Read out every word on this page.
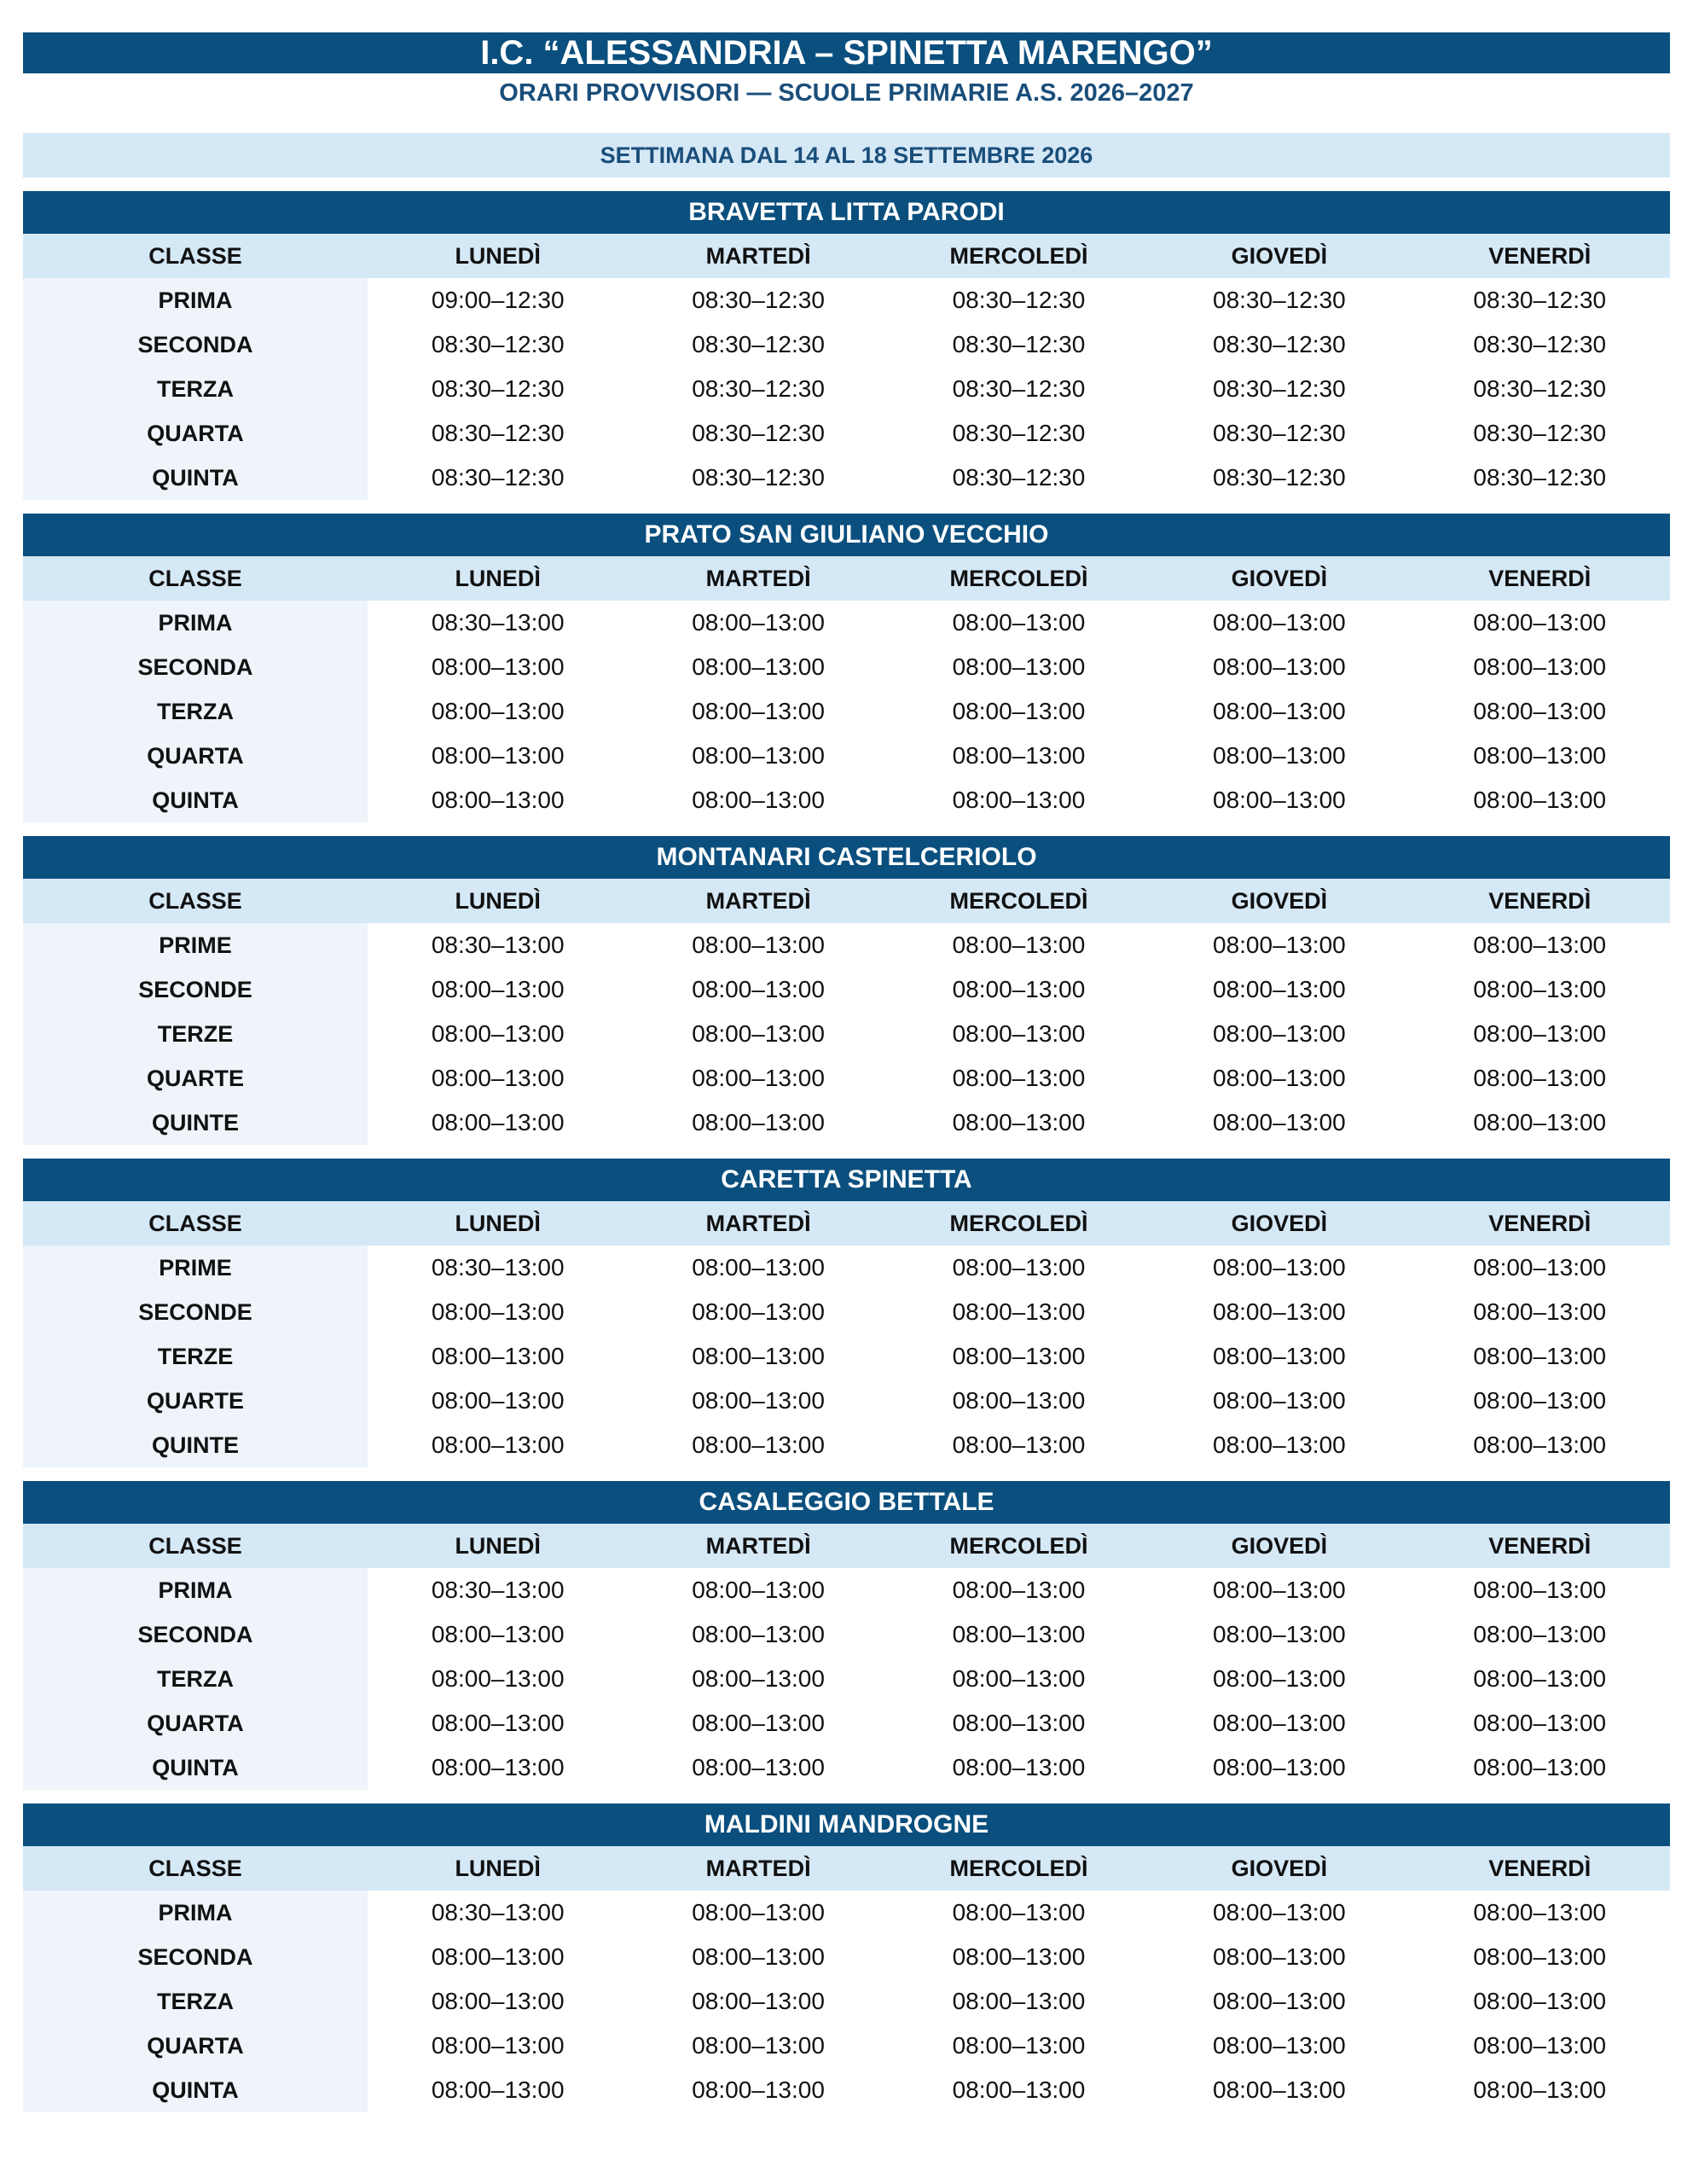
I.C. “ALESSANDRIA – SPINETTA MARENGO”
ORARI PROVVISORI — SCUOLE PRIMARIE A.S. 2026–2027
SETTIMANA DAL 14 AL 18 SETTEMBRE 2026
BRAVETTA LITTA PARODI
CLASSE	LUNEDÌ	MARTEDÌ	MERCOLEDÌ	GIOVEDÌ	VENERDÌ
PRIMA	09:00–12:30	08:30–12:30	08:30–12:30	08:30–12:30	08:30–12:30
SECONDA	08:30–12:30	08:30–12:30	08:30–12:30	08:30–12:30	08:30–12:30
TERZA	08:30–12:30	08:30–12:30	08:30–12:30	08:30–12:30	08:30–12:30
QUARTA	08:30–12:30	08:30–12:30	08:30–12:30	08:30–12:30	08:30–12:30
QUINTA	08:30–12:30	08:30–12:30	08:30–12:30	08:30–12:30	08:30–12:30
PRATO SAN GIULIANO VECCHIO
CLASSE	LUNEDÌ	MARTEDÌ	MERCOLEDÌ	GIOVEDÌ	VENERDÌ
PRIMA	08:30–13:00	08:00–13:00	08:00–13:00	08:00–13:00	08:00–13:00
SECONDA	08:00–13:00	08:00–13:00	08:00–13:00	08:00–13:00	08:00–13:00
TERZA	08:00–13:00	08:00–13:00	08:00–13:00	08:00–13:00	08:00–13:00
QUARTA	08:00–13:00	08:00–13:00	08:00–13:00	08:00–13:00	08:00–13:00
QUINTA	08:00–13:00	08:00–13:00	08:00–13:00	08:00–13:00	08:00–13:00
MONTANARI CASTELCERIOLO
CLASSE	LUNEDÌ	MARTEDÌ	MERCOLEDÌ	GIOVEDÌ	VENERDÌ
PRIME	08:30–13:00	08:00–13:00	08:00–13:00	08:00–13:00	08:00–13:00
SECONDE	08:00–13:00	08:00–13:00	08:00–13:00	08:00–13:00	08:00–13:00
TERZE	08:00–13:00	08:00–13:00	08:00–13:00	08:00–13:00	08:00–13:00
QUARTE	08:00–13:00	08:00–13:00	08:00–13:00	08:00–13:00	08:00–13:00
QUINTE	08:00–13:00	08:00–13:00	08:00–13:00	08:00–13:00	08:00–13:00
CARETTA SPINETTA
CLASSE	LUNEDÌ	MARTEDÌ	MERCOLEDÌ	GIOVEDÌ	VENERDÌ
PRIME	08:30–13:00	08:00–13:00	08:00–13:00	08:00–13:00	08:00–13:00
SECONDE	08:00–13:00	08:00–13:00	08:00–13:00	08:00–13:00	08:00–13:00
TERZE	08:00–13:00	08:00–13:00	08:00–13:00	08:00–13:00	08:00–13:00
QUARTE	08:00–13:00	08:00–13:00	08:00–13:00	08:00–13:00	08:00–13:00
QUINTE	08:00–13:00	08:00–13:00	08:00–13:00	08:00–13:00	08:00–13:00
CASALEGGIO BETTALE
CLASSE	LUNEDÌ	MARTEDÌ	MERCOLEDÌ	GIOVEDÌ	VENERDÌ
PRIMA	08:30–13:00	08:00–13:00	08:00–13:00	08:00–13:00	08:00–13:00
SECONDA	08:00–13:00	08:00–13:00	08:00–13:00	08:00–13:00	08:00–13:00
TERZA	08:00–13:00	08:00–13:00	08:00–13:00	08:00–13:00	08:00–13:00
QUARTA	08:00–13:00	08:00–13:00	08:00–13:00	08:00–13:00	08:00–13:00
QUINTA	08:00–13:00	08:00–13:00	08:00–13:00	08:00–13:00	08:00–13:00
MALDINI MANDROGNE
CLASSE	LUNEDÌ	MARTEDÌ	MERCOLEDÌ	GIOVEDÌ	VENERDÌ
PRIMA	08:30–13:00	08:00–13:00	08:00–13:00	08:00–13:00	08:00–13:00
SECONDA	08:00–13:00	08:00–13:00	08:00–13:00	08:00–13:00	08:00–13:00
TERZA	08:00–13:00	08:00–13:00	08:00–13:00	08:00–13:00	08:00–13:00
QUARTA	08:00–13:00	08:00–13:00	08:00–13:00	08:00–13:00	08:00–13:00
QUINTA	08:00–13:00	08:00–13:00	08:00–13:00	08:00–13:00	08:00–13:00
